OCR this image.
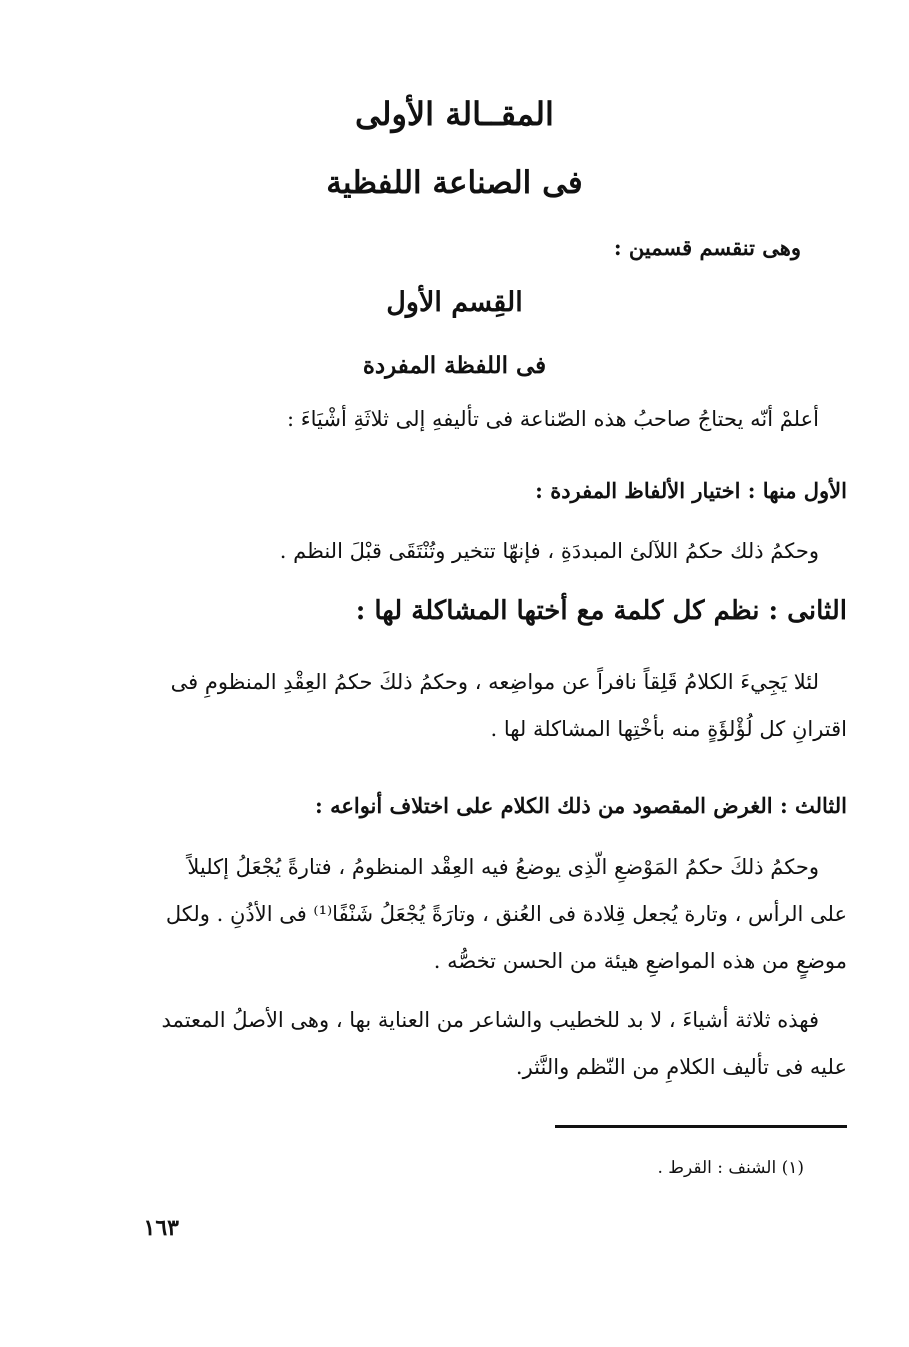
المقــالة الأولى
فى الصناعة اللفظية

وهى تنقسم قسمين :

القِسم الأول
فى اللفظة المفردة

أعلمْ أنّه يحتاجُ صاحبُ هذه الصّناعة فى تأليفهِ إلى ثلاثَةِ أشْيَاءَ :

الأول منها : اختيار الألفاظ المفردة :

وحكمُ ذلك حكمُ اللآلئ المبددَةِ ، فإنهّا تتخير وتُنْتَقَى قبْلَ النظم .

الثانى : نظم كل كلمة مع أختها المشاكلة لها :

لئلا يَجِيءَ الكلامُ قَلِقاً نافراً عن مواضِعه ، وحكمُ ذلكَ حكمُ العِقْدِ المنظومِ فى

اقترانِ كل لُؤْلؤَةٍ منه بأخْتِها المشاكلة لها .

الثالث : الغرض المقصود من ذلك الكلام على اختلاف أنواعه :

وحكمُ ذلكَ حكمُ المَوْضعِ الّذِى يوضعُ فيه العِقْد المنظومُ ، فتارةً يُجْعَلُ إكليلاً

على الرأس ، وتارة يُجعل قِلادة فى العُنق ، وتارَةً يُجْعَلُ شَنْفًا⁽¹⁾ فى الأذُنِ . ولكل

موضعٍ من هذه المواضعِ هيئة من الحسن تخصُّه .

فهذه ثلاثة أشياءَ ، لا بد للخطيب والشاعر من العناية بها ، وهى الأصلُ المعتمد

عليه فى تأليف الكلامِ من النّظم والنَّثر.

(١) الشنف : القرط .

١٦٣
